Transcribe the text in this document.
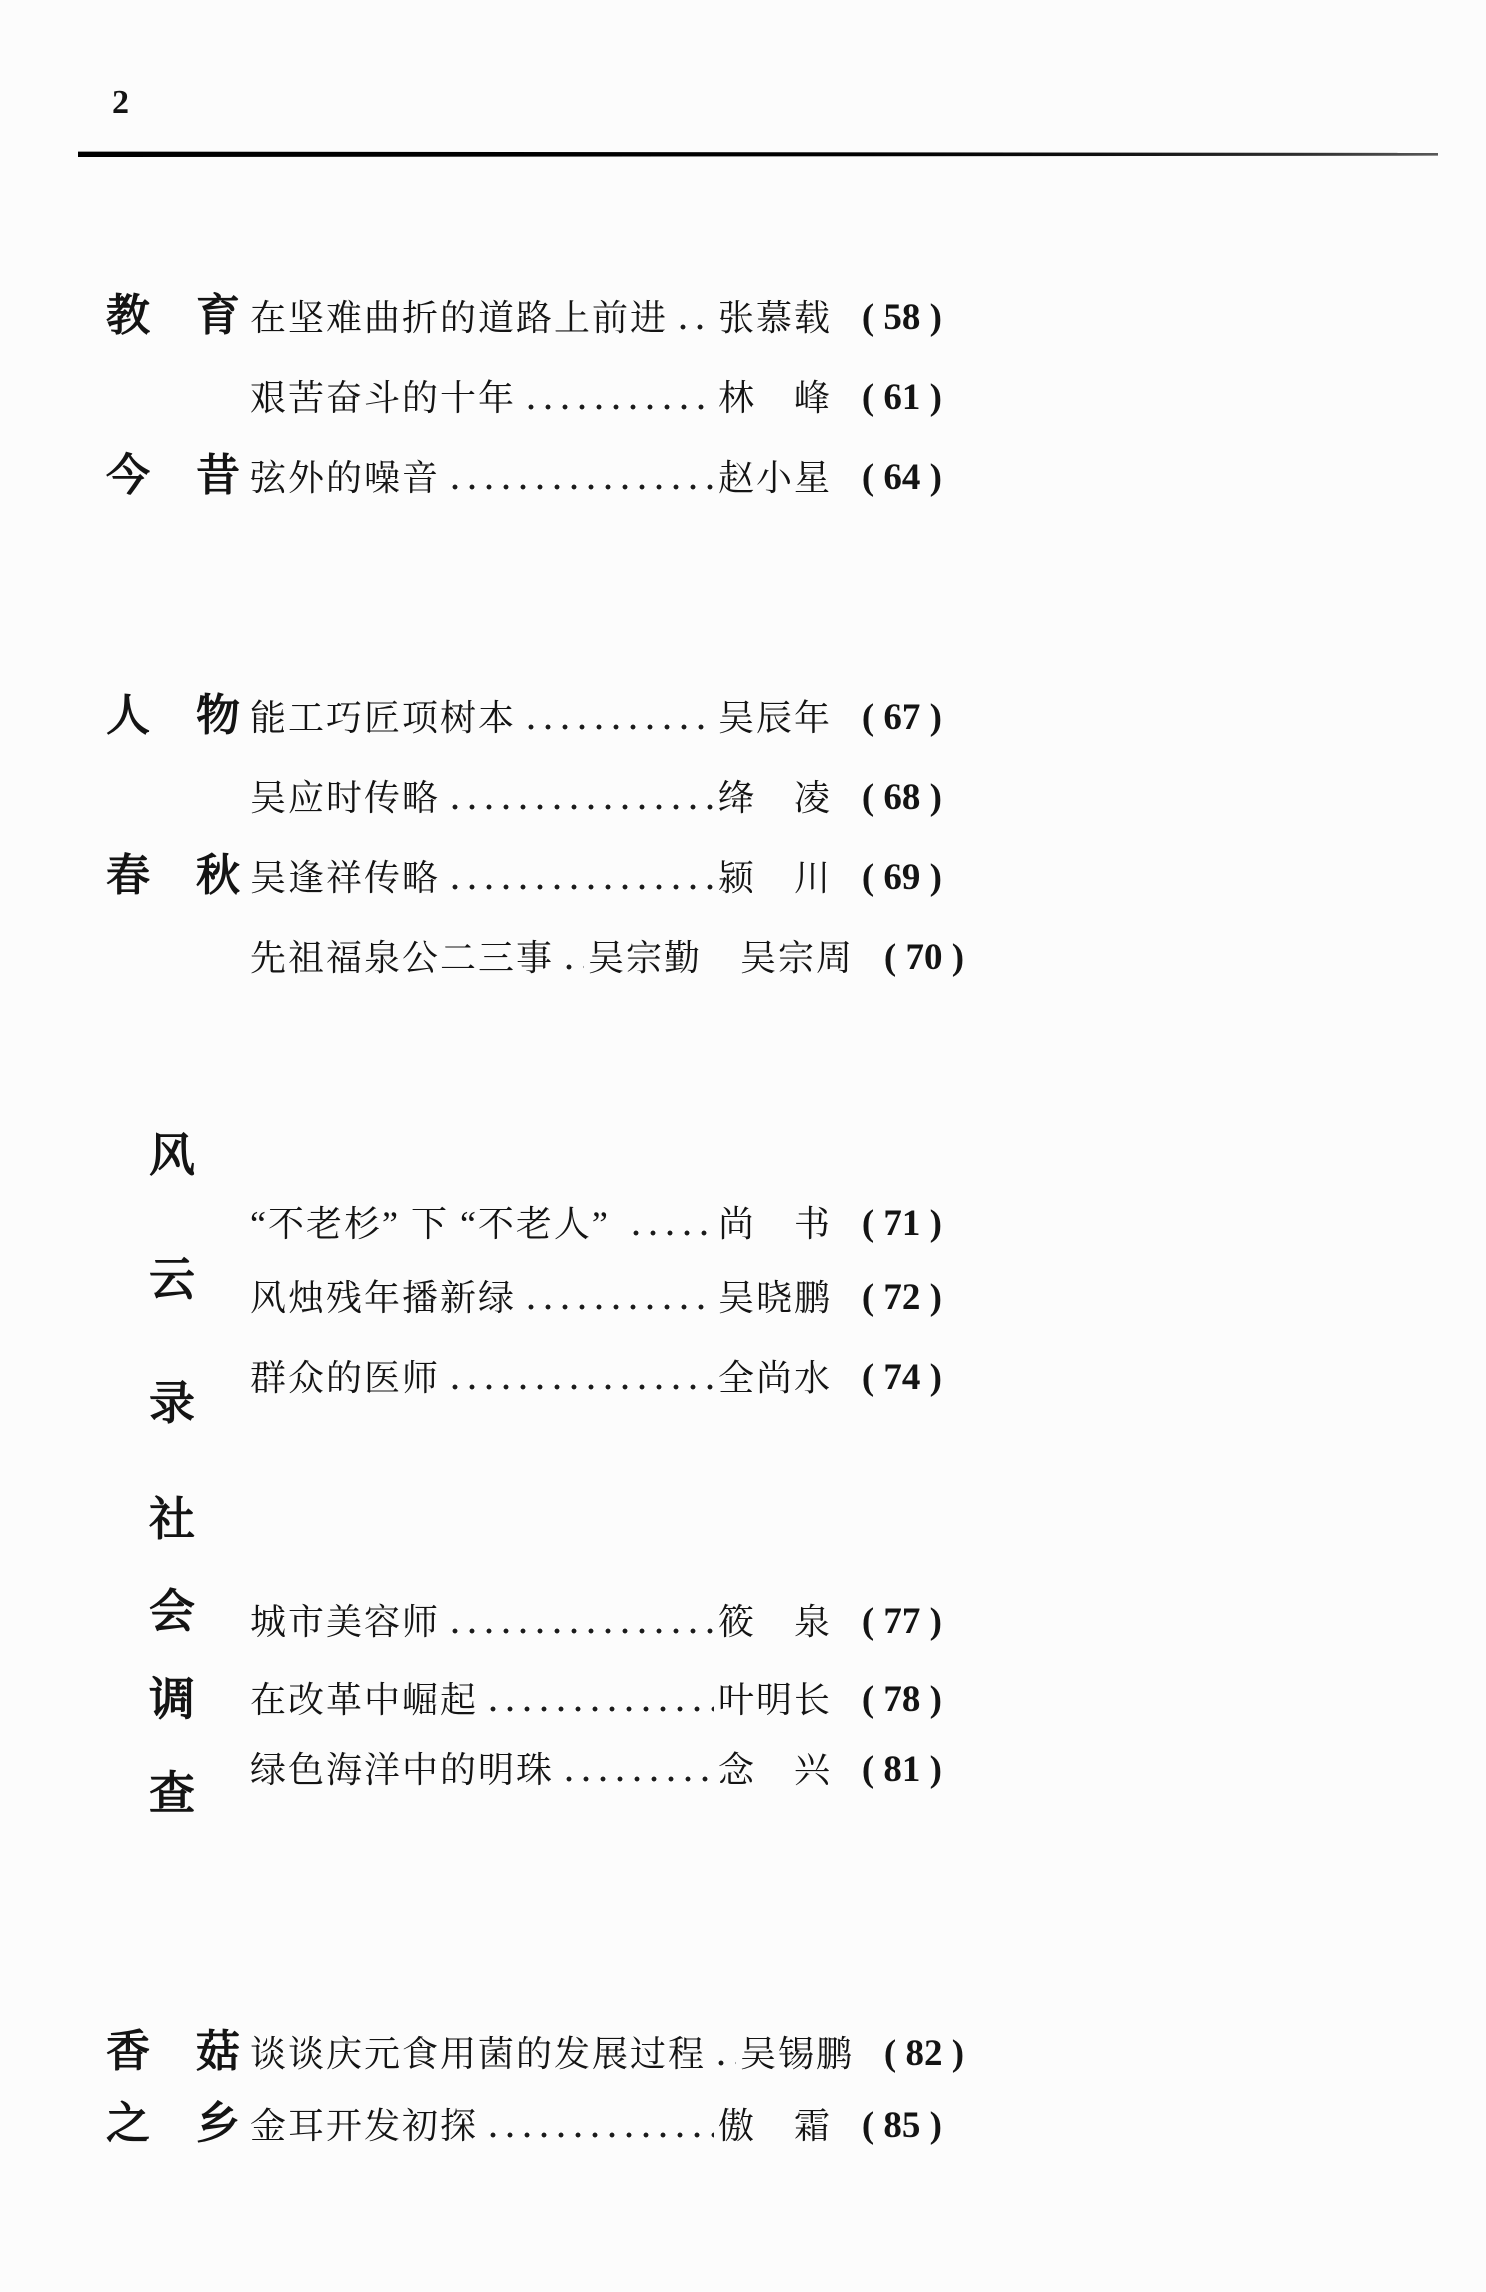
2
教　育
今　昔
在坚难曲折的道路上前进 张慕载 ( 58 )
艰苦奋斗的十年	林　峰 ( 61 )
弦外的噪音	赵小星 ( 64 )
人　物
春　秋
能工巧匠项树本	吴辰年 ( 67 )
吴应时传略	绛　凌 ( 68 )
吴逢祥传略	颍　川 ( 69 )
先祖福泉公二三事 吴宗勤　吴宗周 ( 70 )
风
云
录
“不老杉” 下 “不老人”	尚　书 ( 71 )
风烛残年播新绿	吴晓鹏 ( 72 )
群众的医师	全尚水 ( 74 )
社
会
调
查
城市美容师	筱　泉 ( 77 )
在改革中崛起	叶明长 ( 78 )
绿色海洋中的明珠	念　兴 ( 81 )
香　菇
之　乡
谈谈庆元食用菌的发展过程 吴锡鹏 ( 82 )
金耳开发初探	傲　霜 ( 85 )
